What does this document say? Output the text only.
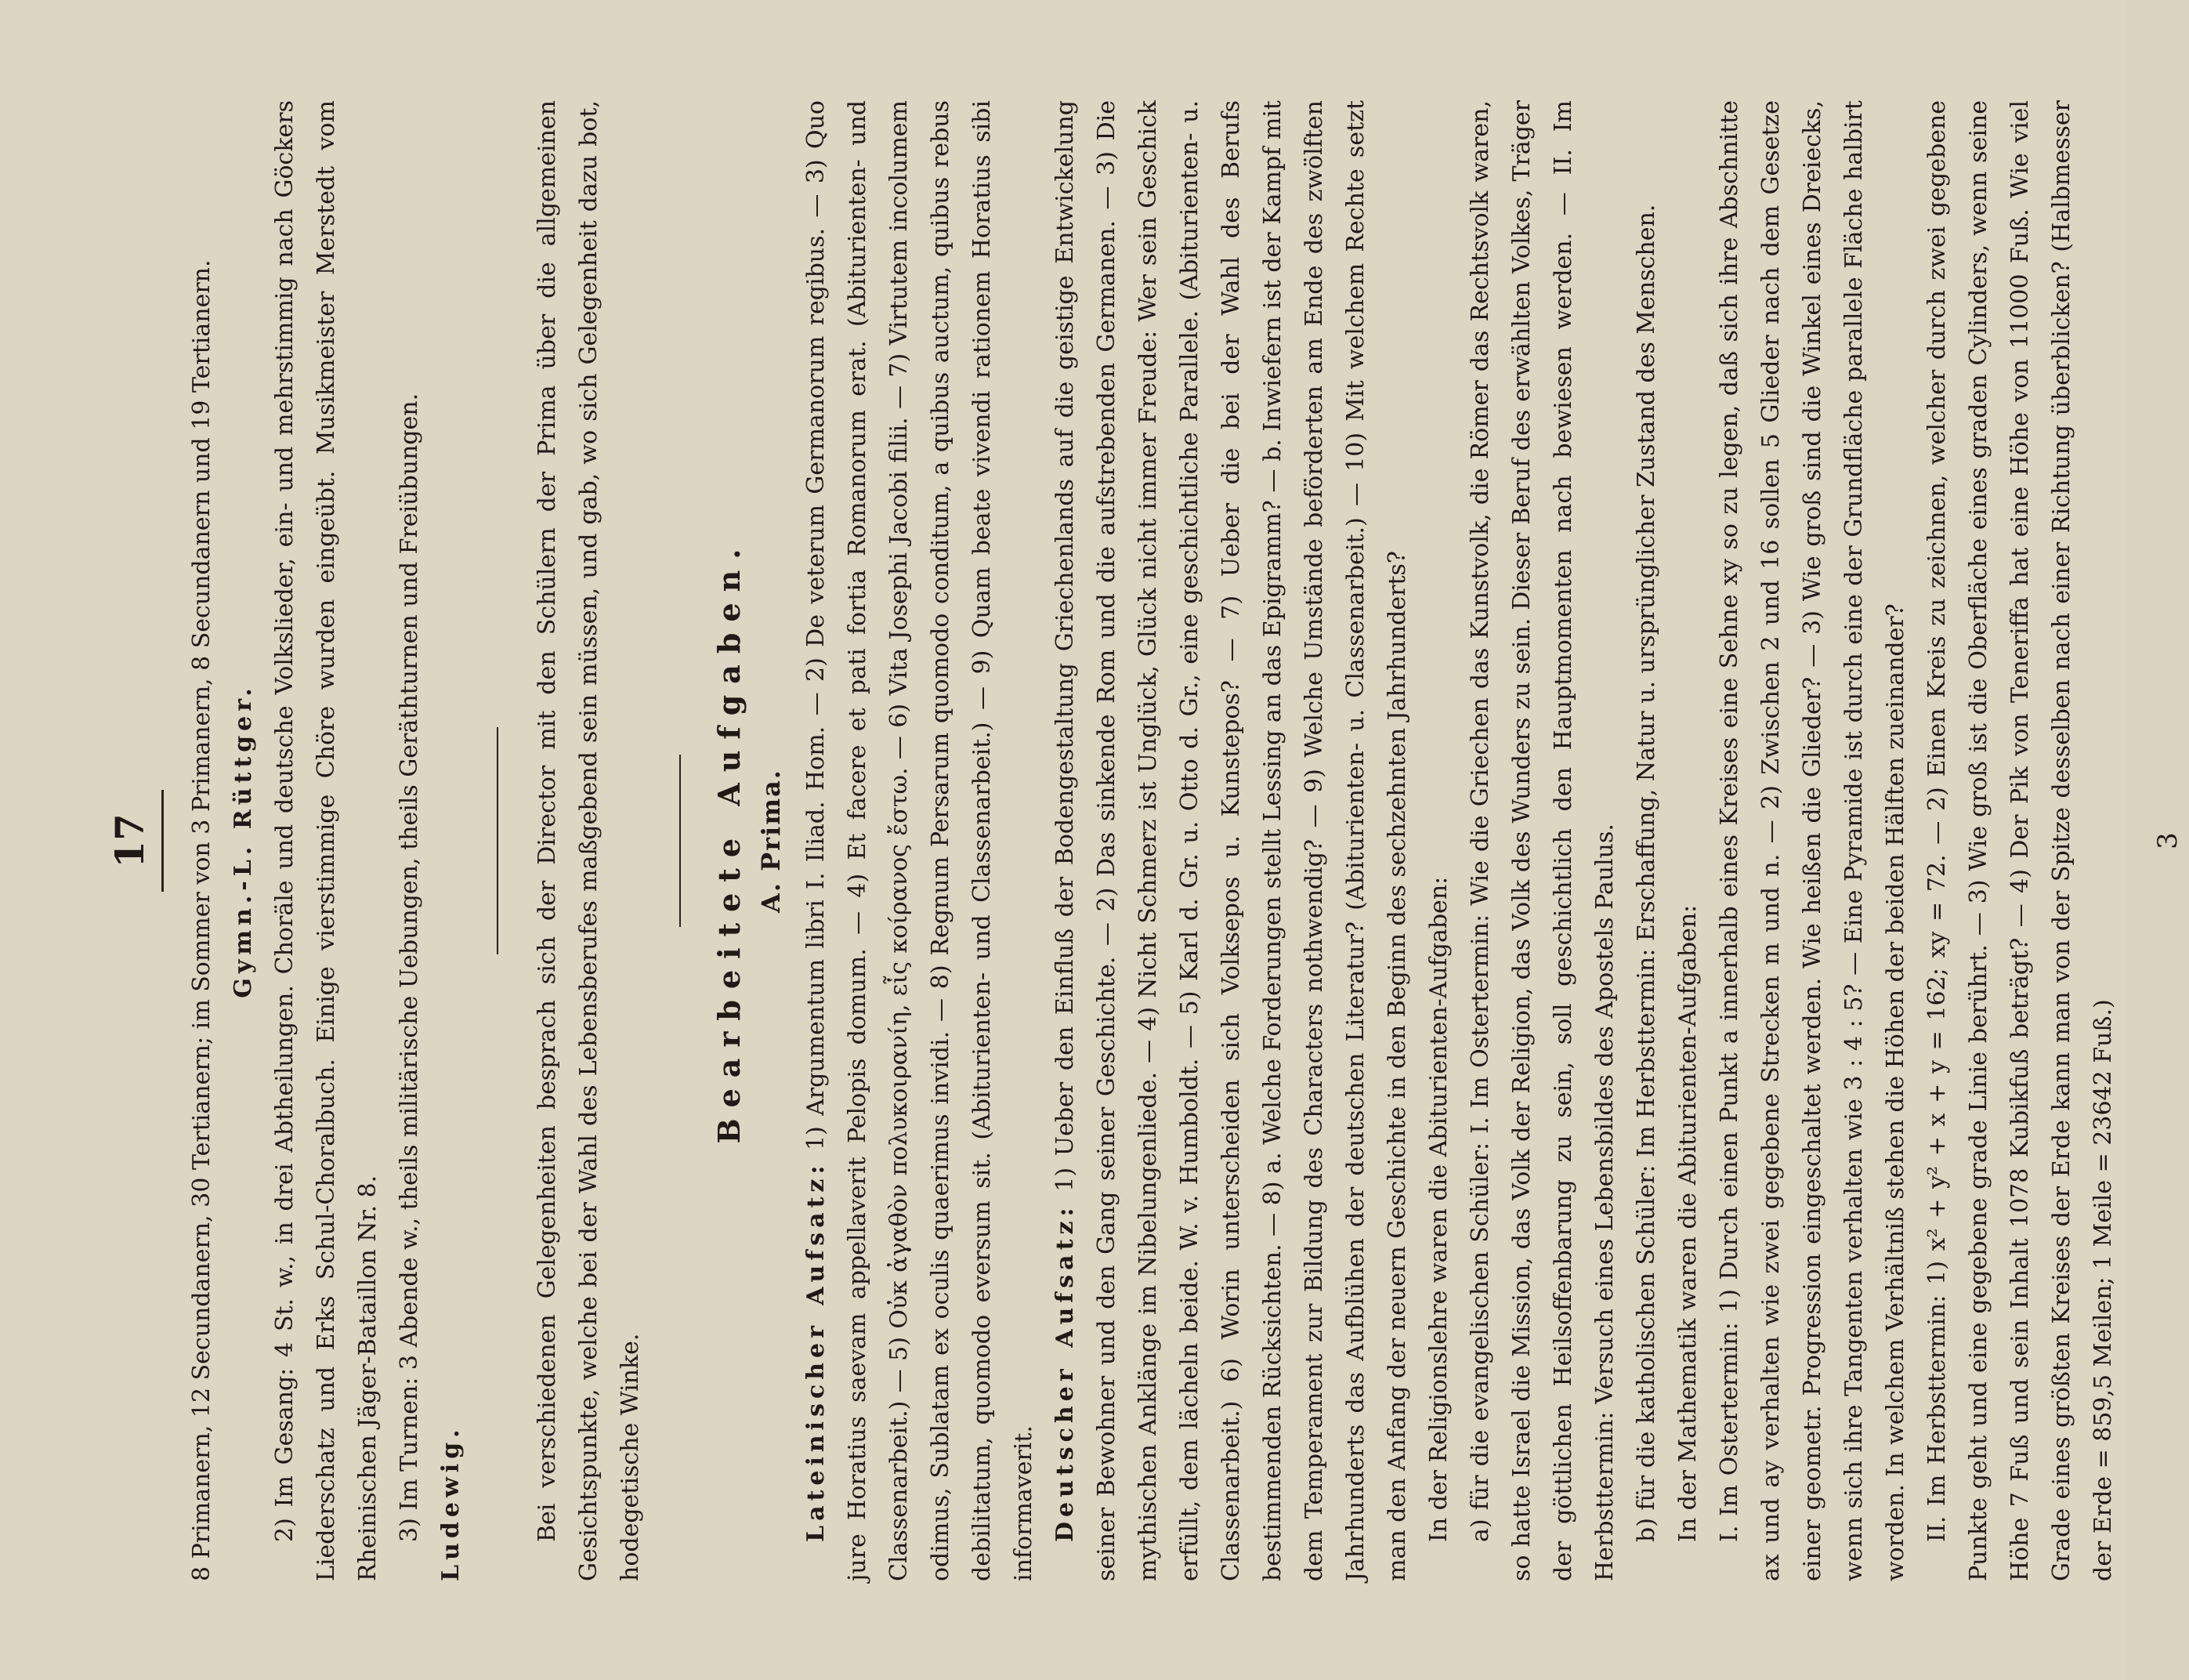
17	8 Primanern, 12 Secundanern, 30 Tertianern; im Sommer von 3 Primanern, 8 Secundanern und 19 Tertianern. Gymn.-L. Rüttger. 2) Im Gesang: 4 St. w., in drei Abtheilungen. Choräle und deutsche Volkslieder, ein- und mehrstimmig nach Göckers Liederschatz und Erks Schul-Choralbuch. Einige vierstimmige Chöre wurden eingeübt. Musikmeister Merstedt vom Rheinischen Jäger-Bataillon Nr. 8. 3) Im Turnen: 3 Abende w., theils militärische Uebungen, theils Geräthturnen und Freiübungen. Ludewig.	Bei verschiedenen Gelegenheiten besprach sich der Director mit den Schülern der Prima über die allgemeinen Gesichtspunkte, welche bei der Wahl des Lebensberufes maßgebend sein müssen, und gab, wo sich Gelegenheit dazu bot, hodegetische Winke.

Bearbeitete Aufgaben. A. Prima.

Lateinischer Aufsatz: 1) Argumentum libri I. Iliad. Hom. — 2) De veterum Germanorum regibus. — 3) Quo jure Horatius saevam appellaverit Pelopis domum. — 4) Et facere et pati fortia Romanorum erat. (Abiturienten- und Classenarbeit.) — 5) Οὐκ ἀγαθὸν πολυκοιρανίη, εἷς κοίρανος ἔστω. — 6) Vita Josephi Jacobi filii. — 7) Virtutem incolumem odimus, Sublatam ex oculis quaerimus invidi. — 8) Regnum Persarum quomodo conditum, a quibus auctum, quibus rebus debilitatum, quomodo eversum sit. (Abiturienten- und Classenarbeit.) — 9) Quam beate vivendi rationem Horatius sibi informaverit. Deutscher Aufsatz: 1) Ueber den Einfluß der Bodengestaltung Griechenlands auf die geistige Entwickelung seiner Bewohner und den Gang seiner Geschichte. — 2) Das sinkende Rom und die aufstrebenden Germanen. — 3) Die mythischen Anklänge im Nibelungenliede. — 4) Nicht Schmerz ist Unglück, Glück nicht immer Freude: Wer sein Geschick erfüllt, dem lächeln beide. W. v. Humboldt. — 5) Karl d. Gr. u. Otto d. Gr., eine geschichtliche Parallele. (Abiturienten- u. Classenarbeit.) 6) Worin unterscheiden sich Volksepos u. Kunstepos? — 7) Ueber die bei der Wahl des Berufs bestimmenden Rücksichten. — 8) a. Welche Forderungen stellt Lessing an das Epigramm? — b. Inwiefern ist der Kampf mit dem Temperament zur Bildung des Characters nothwendig? — 9) Welche Umstände beförderten am Ende des zwölften Jahrhunderts das Aufblühen der deutschen Literatur? (Abiturienten- u. Classenarbeit.) — 10) Mit welchem Rechte setzt man den Anfang der neuern Geschichte in den Beginn des sechzehnten Jahrhunderts? In der Religionslehre waren die Abiturienten-Aufgaben: a) für die evangelischen Schüler: I. Im Ostertermin: Wie die Griechen das Kunstvolk, die Römer das Rechtsvolk waren, so hatte Israel die Mission, das Volk der Religion, das Volk des Wunders zu sein. Dieser Beruf des erwählten Volkes, Träger der göttlichen Heilsoffenbarung zu sein, soll geschichtlich den Hauptmomenten nach bewiesen werden. — II. Im Herbsttermin: Versuch eines Lebensbildes des Apostels Paulus. b) für die katholischen Schüler: Im Herbsttermin: Erschaffung, Natur u. ursprünglicher Zustand des Menschen. In der Mathematik waren die Abiturienten-Aufgaben: I. Im Ostertermin: 1) Durch einen Punkt a innerhalb eines Kreises eine Sehne xy so zu legen, daß sich ihre Abschnitte ax und ay verhalten wie zwei gegebene Strecken m und n. — 2) Zwischen 2 und 16 sollen 5 Glieder nach dem Gesetze einer geometr. Progression eingeschaltet werden. Wie heißen die Glieder? — 3) Wie groß sind die Winkel eines Dreiecks, wenn sich ihre Tangenten verhalten wie 3 : 4 : 5? — Eine Pyramide ist durch eine der Grundfläche parallele Fläche halbirt worden. In welchem Verhältniß stehen die Höhen der beiden Hälften zueinander? II. Im Herbsttermin: 1) x² + y² + x + y = 162; xy = 72. — 2) Einen Kreis zu zeichnen, welcher durch zwei gegebene Punkte geht und eine gegebene grade Linie berührt. — 3) Wie groß ist die Oberfläche eines graden Cylinders, wenn seine Höhe 7 Fuß und sein Inhalt 1078 Kubikfuß beträgt? — 4) Der Pik von Teneriffa hat eine Höhe von 11000 Fuß. Wie viel Grade eines größten Kreises der Erde kann man von der Spitze desselben nach einer Richtung überblicken? (Halbmesser der Erde = 859,5 Meilen; 1 Meile = 23642 Fuß.)

3
